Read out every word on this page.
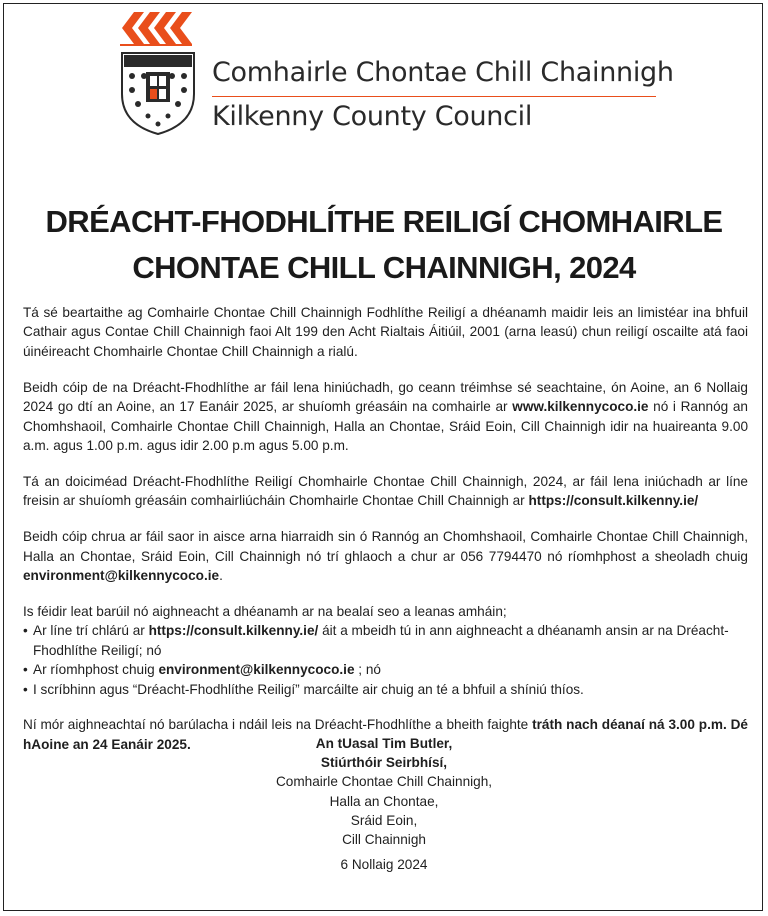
Comhairle Chontae Chill Chainnigh
Kilkenny County Council
DRÉACHT-FHODHLÍTHE REILIGÍ CHOMHAIRLE
CHONTAE CHILL CHAINNIGH, 2024

Tá sé beartaithe ag Comhairle Chontae Chill Chainnigh Fodhlíthe Reiligí a dhéanamh maidir leis an limistéar ina bhfuil Cathair agus Contae Chill Chainnigh faoi Alt 199 den Acht Rialtais Áitiúil, 2001 (arna leasú) chun reiligí oscailte atá faoi úinéireacht Chomhairle Chontae Chill Chainnigh a rialú.

Beidh cóip de na Dréacht-Fhodhlíthe ar fáil lena hiniúchadh, go ceann tréimhse sé seachtaine, ón Aoine, an 6 Nollaig 2024 go dtí an Aoine, an 17 Eanáir 2025, ar shuíomh gréasáin na comhairle ar www.kilkennycoco.ie nó i Rannóg an Chomhshaoil, Comhairle Chontae Chill Chainnigh, Halla an Chontae, Sráid Eoin, Cill Chainnigh idir na huaireanta 9.00 a.m. agus 1.00 p.m. agus idir 2.00 p.m agus 5.00 p.m.

Tá an doiciméad Dréacht-Fhodhlíthe Reiligí Chomhairle Chontae Chill Chainnigh, 2024, ar fáil lena iniúchadh ar líne freisin ar shuíomh gréasáin comhairliúcháin Chomhairle Chontae Chill Chainnigh ar https://consult.kilkenny.ie/

Beidh cóip chrua ar fáil saor in aisce arna hiarraidh sin ó Rannóg an Chomhshaoil, Comhairle Chontae Chill Chainnigh, Halla an Chontae, Sráid Eoin, Cill Chainnigh nó trí ghlaoch a chur ar 056 7794470 nó ríomhphost a sheoladh chuig environment@kilkennycoco.ie.

Is féidir leat barúil nó aighneacht a dhéanamh ar na bealaí seo a leanas amháin;

• Ar líne trí chlárú ar https://consult.kilkenny.ie/ áit a mbeidh tú in ann aighneacht a dhéanamh ansin ar na Dréacht-Fhodhlíthe Reiligí; nó
• Ar ríomhphost chuig environment@kilkennycoco.ie ; nó
• I scríbhinn agus “Dréacht-Fhodhlíthe Reiligí” marcáilte air chuig an té a bhfuil a shíniú thíos.

Ní mór aighneachtaí nó barúlacha i ndáil leis na Dréacht-Fhodhlíthe a bheith faighte tráth nach déanaí ná 3.00 p.m. Dé hAoine an 24 Eanáir 2025.	An tUasal Tim Butler,
Stiúrthóir Seirbhísí,
Comhairle Chontae Chill Chainnigh,
Halla an Chontae,
Sráid Eoin,
Cill Chainnigh
6 Nollaig 2024
